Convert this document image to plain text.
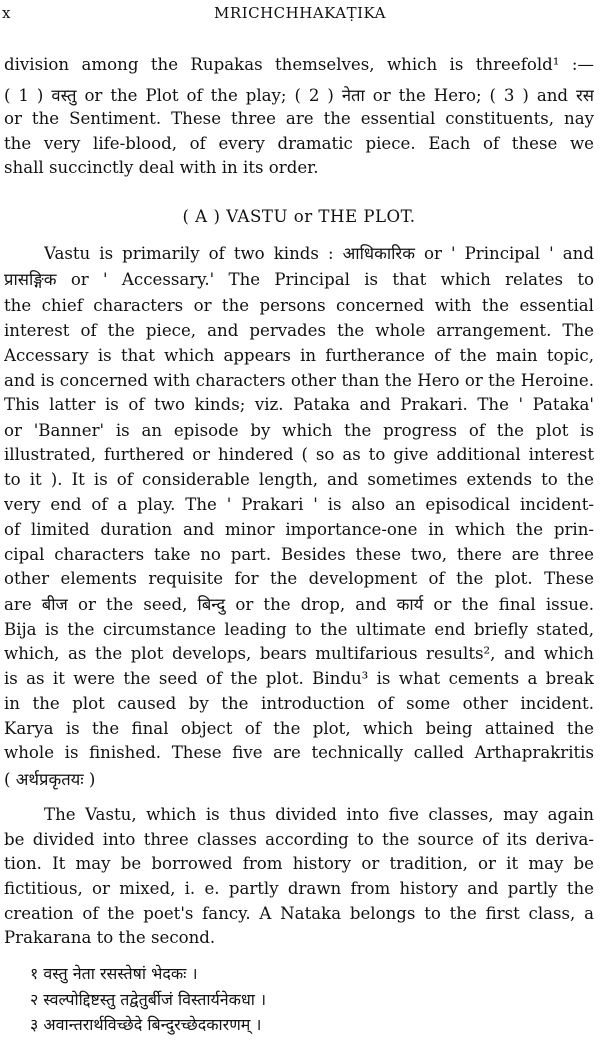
x	MRICHCHHAKAṬIKA
division among the Rupakas themselves, which is threefold¹ :—
( 1 ) वस्तु or the Plot of the play; ( 2 ) नेता or the Hero; ( 3 ) and रस
or the Sentiment. These three are the essential constituents, nay
the very life-blood, of every dramatic piece. Each of these we
shall succinctly deal with in its order.
( A ) VASTU or THE PLOT.
Vastu is primarily of two kinds : आधिकारिक or ' Principal ' and
प्रासङ्गिक or ' Accessary.' The Principal is that which relates to
the chief characters or the persons concerned with the essential
interest of the piece, and pervades the whole arrangement. The
Accessary is that which appears in furtherance of the main topic,
and is concerned with characters other than the Hero or the Heroine.
This latter is of two kinds; viz. Pataka and Prakari. The ' Pataka'
or 'Banner' is an episode by which the progress of the plot is
illustrated, furthered or hindered ( so as to give additional interest
to it ). It is of considerable length, and sometimes extends to the
very end of a play. The ' Prakari ' is also an episodical incident-
of limited duration and minor importance-one in which the prin-
cipal characters take no part. Besides these two, there are three
other elements requisite for the development of the plot. These
are बीज or the seed, बिन्दु or the drop, and कार्य or the final issue.
Bija is the circumstance leading to the ultimate end briefly stated,
which, as the plot develops, bears multifarious results², and which
is as it were the seed of the plot. Bindu³ is what cements a break
in the plot caused by the introduction of some other incident.
Karya is the final object of the plot, which being attained the
whole is finished. These five are technically called Arthaprakritis
( अर्थप्रकृतयः )
The Vastu, which is thus divided into five classes, may again
be divided into three classes according to the source of its deriva-
tion. It may be borrowed from history or tradition, or it may be
fictitious, or mixed, i. e. partly drawn from history and partly the
creation of the poet's fancy. A Nataka belongs to the first class, a
Prakarana to the second.
१ वस्तु नेता रसस्तेषां भेदकः ।
२ स्वल्पोद्दिष्टस्तु तद्वेतुर्बीजं विस्तार्यनेकधा ।
३ अवान्तरार्थविच्छेदे बिन्दुरच्छेदकारणम् ।
